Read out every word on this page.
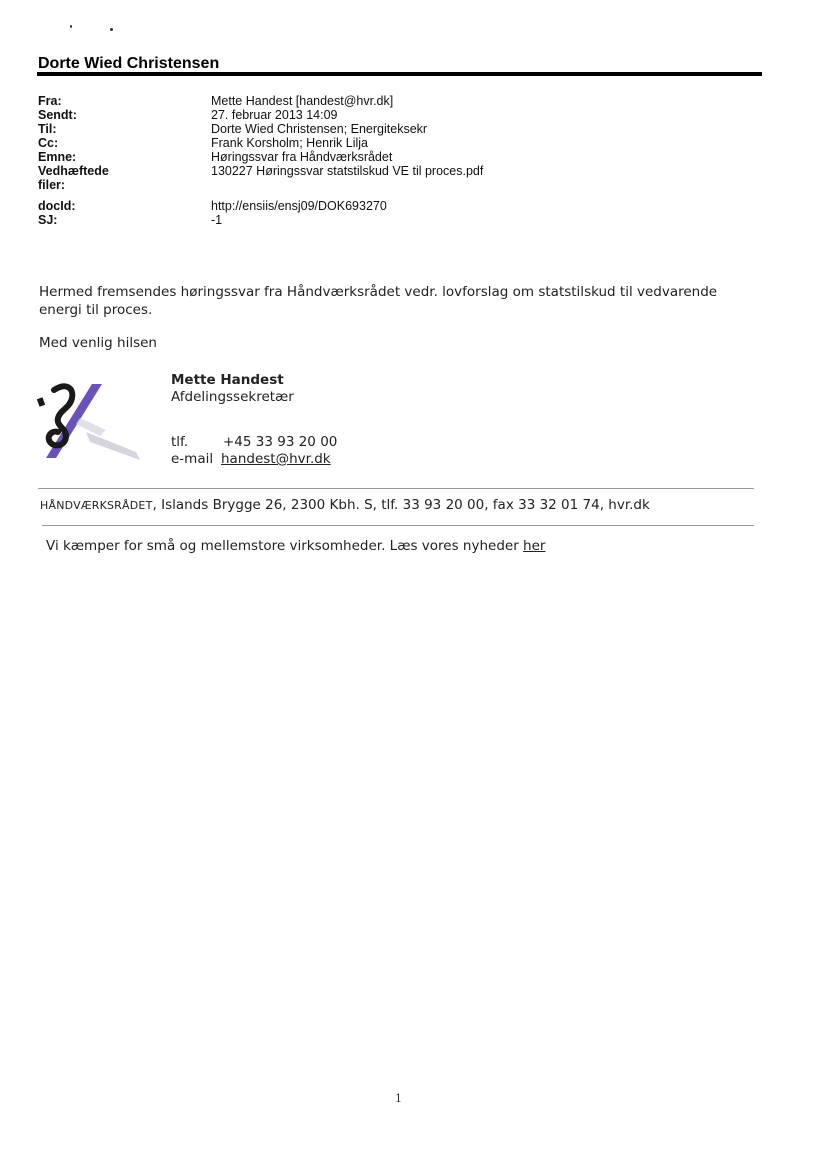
Dorte Wied Christensen
Fra:	Mette Handest [handest@hvr.dk]
Sendt:	27. februar 2013 14:09
Til:	Dorte Wied Christensen; Energiteksekr
Cc:	Frank Korsholm; Henrik Lilja
Emne:	Høringssvar fra Håndværksrådet
Vedhæftede filer:
130227 Høringssvar statstilskud VE til proces.pdf
docId:	http://ensiis/ensj09/DOK693270
SJ:	-1
Hermed fremsendes høringssvar fra Håndværksrådet vedr. lovforslag om statstilskud til vedvarende
energi til proces.
Med venlig hilsen
Mette Handest
Afdelingssekretær
tlf.	+45 33 93 20 00
e-mail handest@hvr.dk
HÅNDVÆRKSRÅDET, Islands Brygge 26, 2300 Kbh. S, tlf. 33 93 20 00, fax 33 32 01 74, hvr.dk
Vi kæmper for små og mellemstore virksomheder. Læs vores nyheder her
1
